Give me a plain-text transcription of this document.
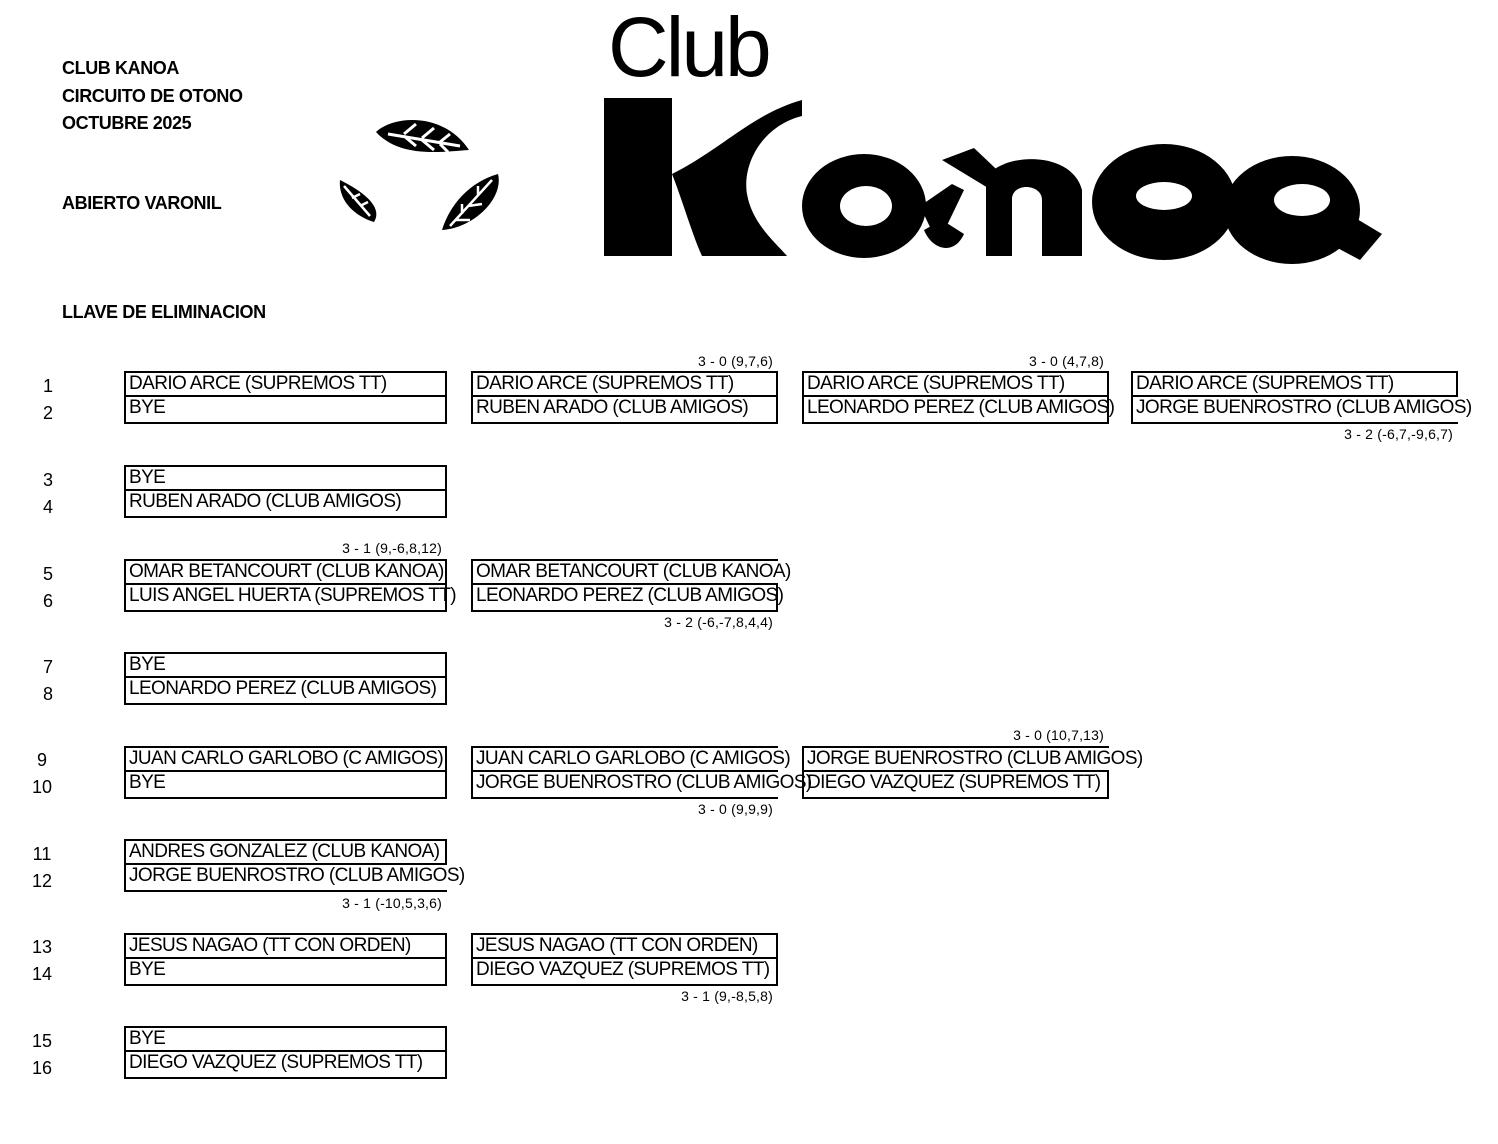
CLUB KANOA
CIRCUITO DE OTONO
OCTUBRE 2025
ABIERTO VARONIL
LLAVE DE ELIMINACION
Club
1
2
3
4
5
6
7
8
9
10
11
12
13
14
15
16
DARIO ARCE (SUPREMOS TT)
BYE
BYE
RUBEN ARADO (CLUB AMIGOS)
3 - 1 (9,-6,8,12)
OMAR BETANCOURT (CLUB KANOA)
LUIS ANGEL HUERTA (SUPREMOS TT)
BYE
LEONARDO PEREZ (CLUB AMIGOS)
JUAN CARLO GARLOBO (C AMIGOS)
BYE
ANDRES GONZALEZ (CLUB KANOA)
JORGE BUENROSTRO (CLUB AMIGOS)
3 - 1 (-10,5,3,6)
JESUS NAGAO (TT CON ORDEN)
BYE
BYE
DIEGO VAZQUEZ (SUPREMOS TT)
3 - 0 (9,7,6)
DARIO ARCE (SUPREMOS TT)
RUBEN ARADO (CLUB AMIGOS)
OMAR BETANCOURT (CLUB KANOA)
LEONARDO PEREZ (CLUB AMIGOS)
3 - 2 (-6,-7,8,4,4)
JUAN CARLO GARLOBO (C AMIGOS)
JORGE BUENROSTRO (CLUB AMIGOS)
3 - 0 (9,9,9)
JESUS NAGAO (TT CON ORDEN)
DIEGO VAZQUEZ (SUPREMOS TT)
3 - 1 (9,-8,5,8)
3 - 0 (4,7,8)
DARIO ARCE (SUPREMOS TT)
LEONARDO PEREZ (CLUB AMIGOS)
3 - 0 (10,7,13)
JORGE BUENROSTRO (CLUB AMIGOS)
DIEGO VAZQUEZ (SUPREMOS TT)
DARIO ARCE (SUPREMOS TT)
JORGE BUENROSTRO (CLUB AMIGOS)
3 - 2 (-6,7,-9,6,7)
